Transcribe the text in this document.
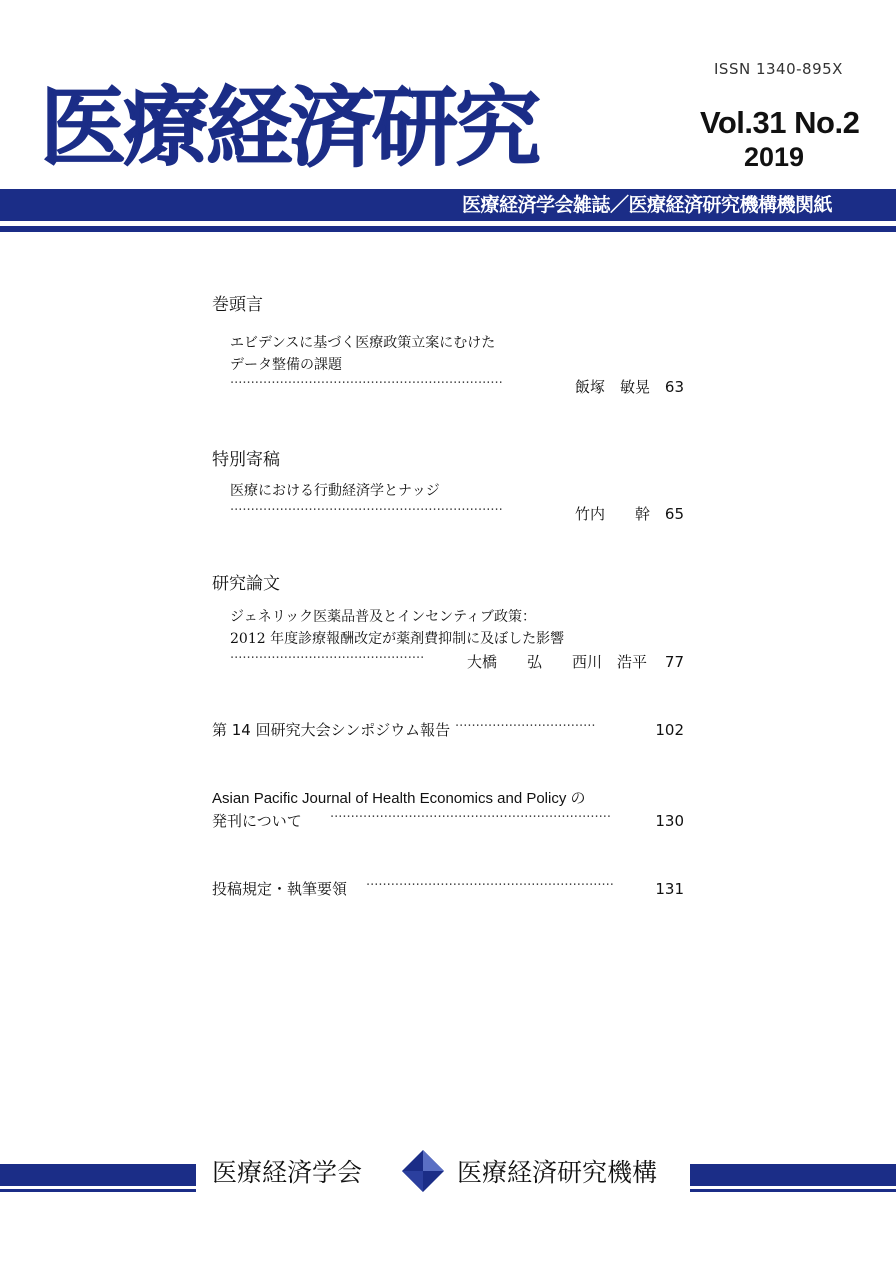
ISSN 1340-895X
医療経済研究	Vol.31 No.2
2019
医療経済学会雑誌／医療経済研究機構機関紙
巻頭言
エビデンスに基づく医療政策立案にむけた
データ整備の課題
··································································	飯塚　敏晃 63
特別寄稿
医療における行動経済学とナッジ
··································································	竹内　　幹 65
研究論文
ジェネリック医薬品普及とインセンティブ政策：
2012 年度診療報酬改定が薬剤費抑制に及ぼした影響
···············································	大橋　　弘 西川　浩平	77
第 14 回研究大会シンポジウム報告 ··································	102
Asian Pacific Journal of Health Economics and Policy の
発刊について ····································································	130
投稿規定・執筆要領 ····························································	131
医療経済学会	医療経済研究機構
